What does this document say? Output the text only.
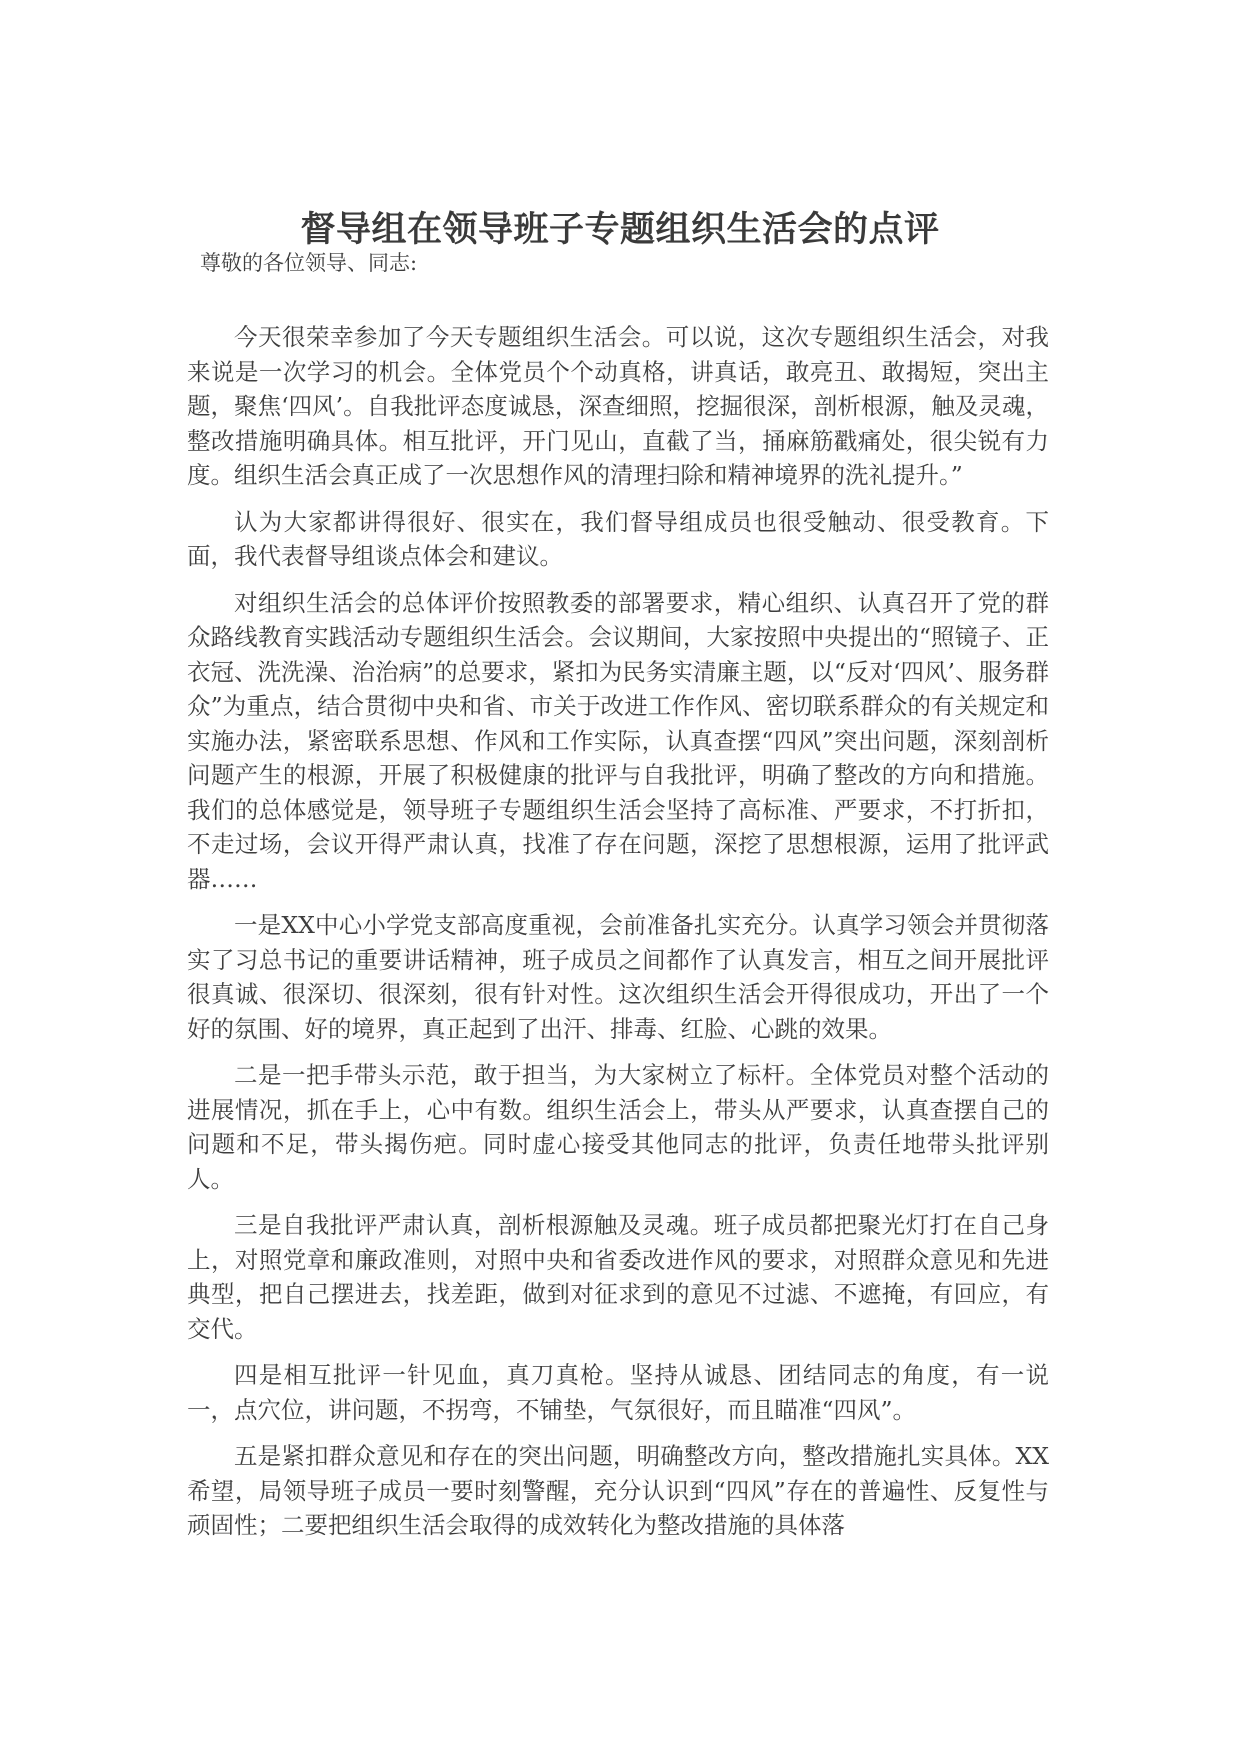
督导组在领导班子专题组织生活会的点评
尊敬的各位领导、同志:

今天很荣幸参加了今天专题组织生活会。可以说，这次专题组织生活会，对我来说是一次学习的机会。全体党员个个动真格，讲真话，敢亮丑、敢揭短，突出主题，聚焦‘四风’。自我批评态度诚恳，深查细照，挖掘很深，剖析根源，触及灵魂，整改措施明确具体。相互批评，开门见山，直截了当，捅麻筋戳痛处，很尖锐有力度。组织生活会真正成了一次思想作风的清理扫除和精神境界的洗礼提升。”

认为大家都讲得很好、很实在，我们督导组成员也很受触动、很受教育。下面，我代表督导组谈点体会和建议。

对组织生活会的总体评价按照教委的部署要求，精心组织、认真召开了党的群众路线教育实践活动专题组织生活会。会议期间，大家按照中央提出的“照镜子、正衣冠、洗洗澡、治治病”的总要求，紧扣为民务实清廉主题，以“反对‘四风’、服务群众”为重点，结合贯彻中央和省、市关于改进工作作风、密切联系群众的有关规定和实施办法，紧密联系思想、作风和工作实际，认真查摆“四风”突出问题，深刻剖析问题产生的根源，开展了积极健康的批评与自我批评，明确了整改的方向和措施。我们的总体感觉是，领导班子专题组织生活会坚持了高标准、严要求，不打折扣，不走过场，会议开得严肃认真，找准了存在问题，深挖了思想根源，运用了批评武器……

一是XX中心小学党支部高度重视，会前准备扎实充分。认真学习领会并贯彻落实了习总书记的重要讲话精神，班子成员之间都作了认真发言，相互之间开展批评很真诚、很深切、很深刻，很有针对性。这次组织生活会开得很成功，开出了一个好的氛围、好的境界，真正起到了出汗、排毒、红脸、心跳的效果。

二是一把手带头示范，敢于担当，为大家树立了标杆。全体党员对整个活动的进展情况，抓在手上，心中有数。组织生活会上，带头从严要求，认真查摆自己的问题和不足，带头揭伤疤。同时虚心接受其他同志的批评，负责任地带头批评别人。

三是自我批评严肃认真，剖析根源触及灵魂。班子成员都把聚光灯打在自己身上，对照党章和廉政准则，对照中央和省委改进作风的要求，对照群众意见和先进典型，把自己摆进去，找差距，做到对征求到的意见不过滤、不遮掩，有回应，有交代。

四是相互批评一针见血，真刀真枪。坚持从诚恳、团结同志的角度，有一说一，点穴位，讲问题，不拐弯，不铺垫，气氛很好，而且瞄准“四风”。

五是紧扣群众意见和存在的突出问题，明确整改方向，整改措施扎实具体。XX希望，局领导班子成员一要时刻警醒，充分认识到“四风”存在的普遍性、反复性与顽固性；二要把组织生活会取得的成效转化为整改措施的具体落
